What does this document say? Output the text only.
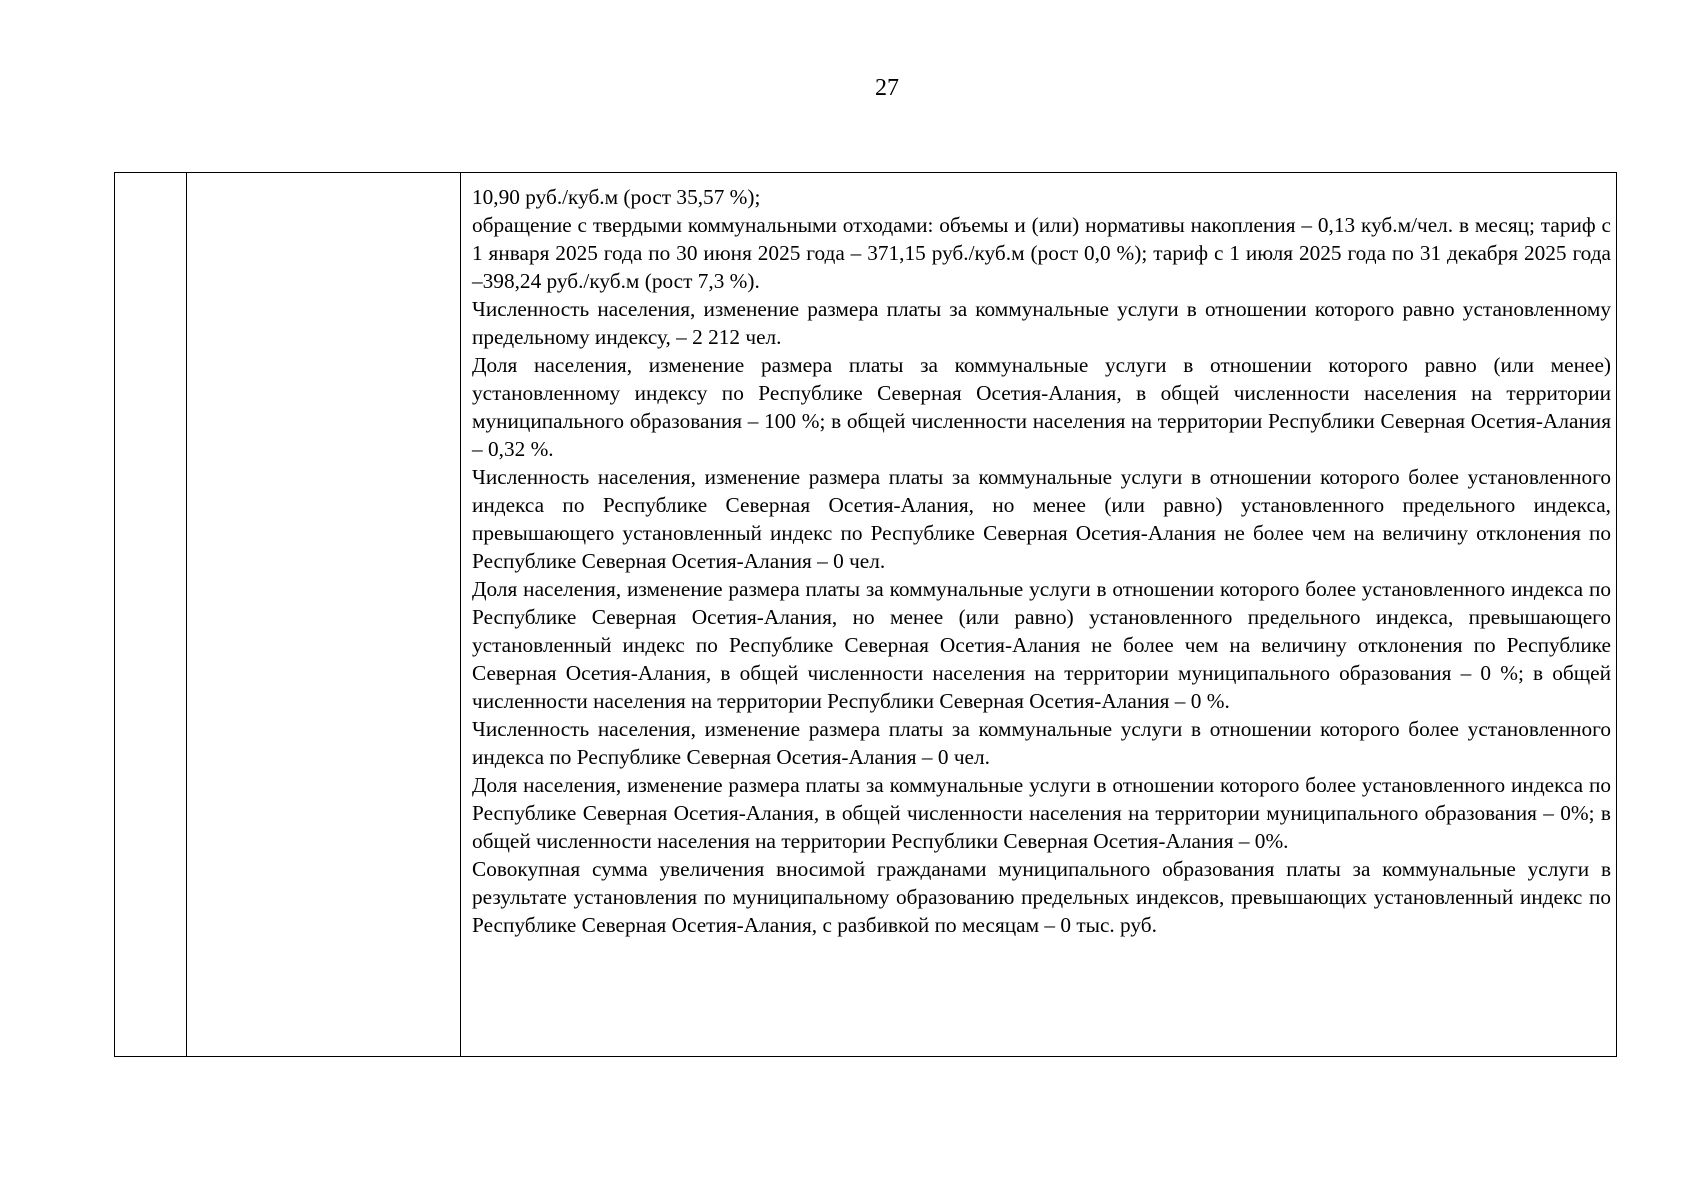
27

10,90 руб./куб.м (рост 35,57 %);

обращение с твердыми коммунальными отходами: объемы и (или) нормативы накопления – 0,13 куб.м/чел. в месяц; тариф с 1 января 2025 года по 30 июня 2025 года – 371,15 руб./куб.м (рост 0,0 %); тариф с 1 июля 2025 года по 31 декабря 2025 года –398,24 руб./куб.м (рост 7,3 %).

Численность населения, изменение размера платы за коммунальные услуги в отношении которого равно установленному предельному индексу, – 2 212 чел.

Доля населения, изменение размера платы за коммунальные услуги в отношении которого равно (или менее) установленному индексу по Республике Северная Осетия-Алания, в общей численности населения на территории муниципального образования – 100 %; в общей численности населения на территории Республики Северная Осетия-Алания – 0,32 %.

Численность населения, изменение размера платы за коммунальные услуги в отношении которого более установленного индекса по Республике Северная Осетия-Алания, но менее (или равно) установленного предельного индекса, превышающего установленный индекс по Республике Северная Осетия-Алания не более чем на величину отклонения по Республике Северная Осетия-Алания – 0 чел.

Доля населения, изменение размера платы за коммунальные услуги в отношении которого более установленного индекса по Республике Северная Осетия-Алания, но менее (или равно) установленного предельного индекса, превышающего установленный индекс по Республике Северная Осетия-Алания не более чем на величину отклонения по Республике Северная Осетия-Алания, в общей численности населения на территории муниципального образования – 0 %; в общей численности населения на территории Республики Северная Осетия-Алания – 0 %.

Численность населения, изменение размера платы за коммунальные услуги в отношении которого более установленного индекса по Республике Северная Осетия-Алания – 0 чел.

Доля населения, изменение размера платы за коммунальные услуги в отношении которого более установленного индекса по Республике Северная Осетия-Алания, в общей численности населения на территории муниципального образования – 0%; в общей численности населения на территории Республики Северная Осетия-Алания – 0%.

Совокупная сумма увеличения вносимой гражданами муниципального образования платы за коммунальные услуги в результате установления по муниципальному образованию предельных индексов, превышающих установленный индекс по Республике Северная Осетия-Алания, с разбивкой по месяцам – 0 тыс. руб.
